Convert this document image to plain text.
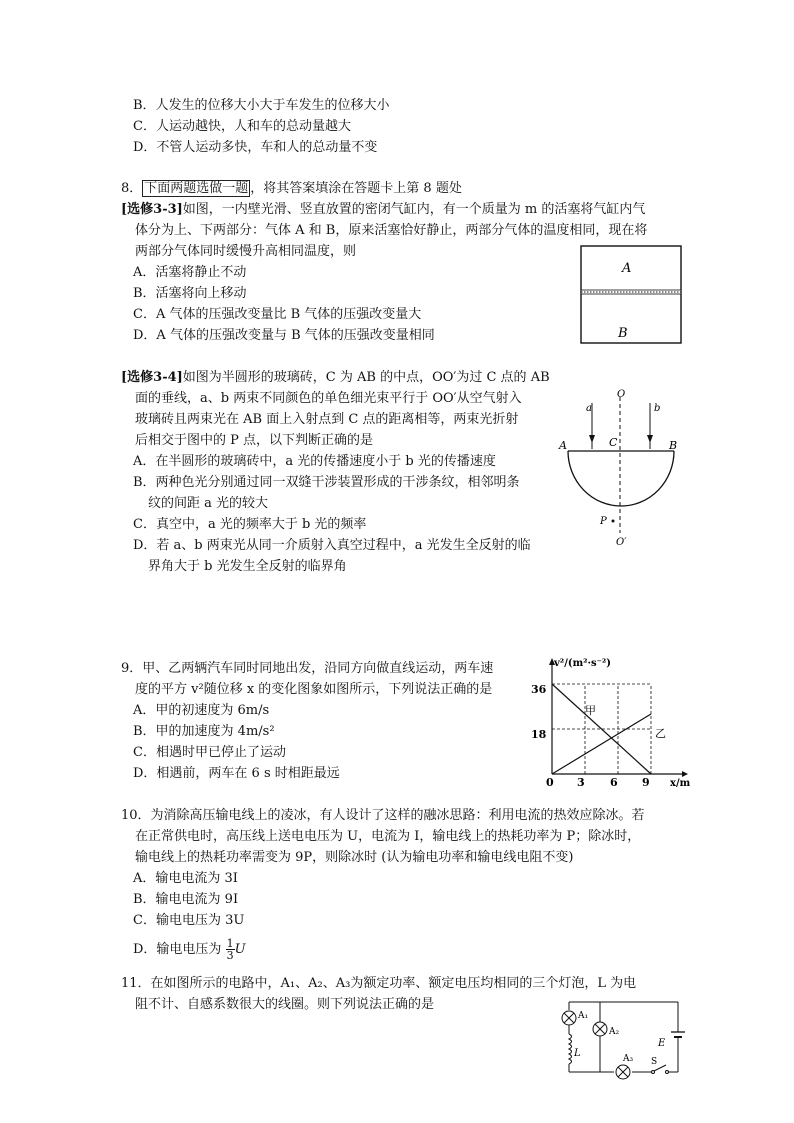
B．人发生的位移大小大于车发生的位移大小
C．人运动越快，人和车的总动量越大
D．不管人运动多快，车和人的总动量不变
8． 下面两题选做一题 ，将其答案填涂在答题卡上第 8 题处
[选修3-3]如图，一内壁光滑、竖直放置的密闭气缸内，有一个质量为 m 的活塞将气缸内气
体分为上、下两部分：气体 A 和 B，原来活塞恰好静止，两部分气体的温度相同，现在将
两部分气体同时缓慢升高相同温度，则
A．活塞将静止不动
B．活塞将向上移动
C．A 气体的压强改变量比 B 气体的压强改变量大
D．A 气体的压强改变量与 B 气体的压强改变量相同
A
B
[选修3-4]如图为半圆形的玻璃砖，C 为 AB 的中点，OO′为过 C 点的 AB
面的垂线，a、b 两束不同颜色的单色细光束平行于 OO′从空气射入
玻璃砖且两束光在 AB 面上入射点到 C 点的距离相等，两束光折射
后相交于图中的 P 点，以下判断正确的是
A．在半圆形的玻璃砖中，a 光的传播速度小于 b 光的传播速度
B．两种色光分别通过同一双缝干涉装置形成的干涉条纹，相邻明条
纹的间距 a 光的较大
C．真空中，a 光的频率大于 b 光的频率
D．若 a、b 两束光从同一介质射入真空过程中，a 光发生全反射的临
界角大于 b 光发生全反射的临界角
O
a	b
A	C	B
P
O′
9．甲、乙两辆汽车同时同地出发，沿同方向做直线运动，两车速
度的平方 v²随位移 x 的变化图象如图所示，下列说法正确的是
A．甲的初速度为 6m/s
B．甲的加速度为 4m/s²
C．相遇时甲已停止了运动
D．相遇前，两车在 6 s 时相距最远
v²/(m²·s⁻²)
x/m
36
18
0 3 6 9
甲
乙
10．为消除高压输电线上的凌冰，有人设计了这样的融冰思路：利用电流的热效应除冰。若
在正常供电时，高压线上送电电压为 U，电流为 I，输电线上的热耗功率为 P；除冰时，
输电线上的热耗功率需变为 9P，则除冰时 (认为输电功率和输电线电阻不变)
A．输电电流为 3I
B．输电电流为 9I
C．输电电压为 3U
D．输电电压为 $\frac{1}{3}$ U
11．在如图所示的电路中，A₁、A₂、A₃为额定功率、额定电压均相同的三个灯泡，L 为电
阻不计、自感系数很大的线圈。则下列说法正确的是
A₁
A₂
A₃
L
E
S
